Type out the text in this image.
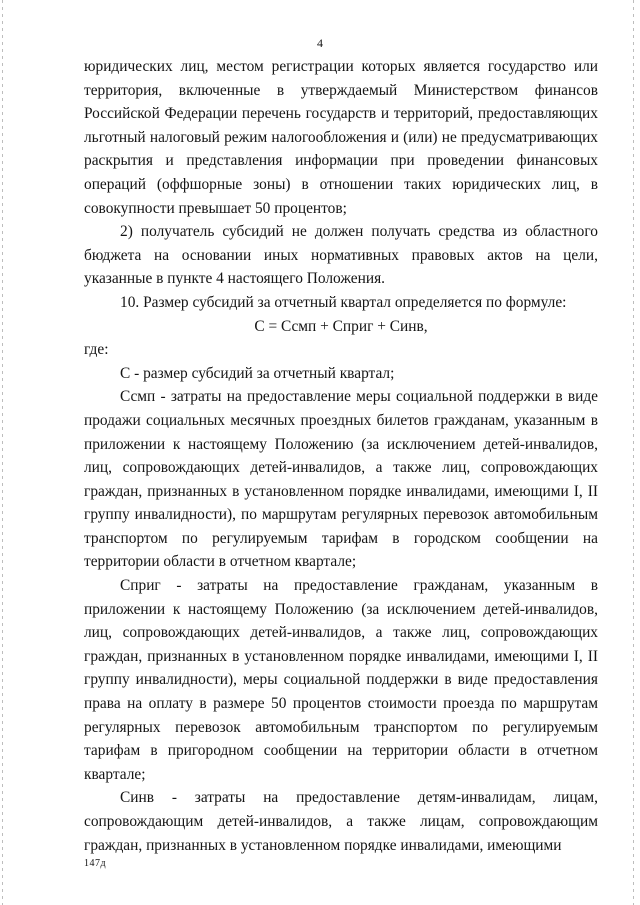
4

юридических лиц, местом регистрации которых является государство или территория, включенные в утверждаемый Министерством финансов Российской Федерации перечень государств и территорий, предоставляющих льготный налоговый режим налогообложения и (или) не предусматривающих раскрытия и представления информации при проведении финансовых операций (оффшорные зоны) в отношении таких юридических лиц, в совокупности превышает 50 процентов;

2) получатель субсидий не должен получать средства из областного бюджета на основании иных нормативных правовых актов на цели, указанные в пункте 4 настоящего Положения.

10. Размер субсидий за отчетный квартал определяется по формуле:

С = Ссмп + Сприг + Синв,

где:

С - размер субсидий за отчетный квартал;

Ссмп - затраты на предоставление меры социальной поддержки в виде продажи социальных месячных проездных билетов гражданам, указанным в приложении к настоящему Положению (за исключением детей-инвалидов, лиц, сопровождающих детей-инвалидов, а также лиц, сопровождающих граждан, признанных в установленном порядке инвалидами, имеющими I, II группу инвалидности), по маршрутам регулярных перевозок автомобильным транспортом по регулируемым тарифам в городском сообщении на территории области в отчетном квартале;

Сприг - затраты на предоставление гражданам, указанным в приложении к настоящему Положению (за исключением детей-инвалидов, лиц, сопровождающих детей-инвалидов, а также лиц, сопровождающих граждан, признанных в установленном порядке инвалидами, имеющими I, II группу инвалидности), меры социальной поддержки в виде предоставления права на оплату в размере 50 процентов стоимости проезда по маршрутам регулярных перевозок автомобильным транспортом по регулируемым тарифам в пригородном сообщении на территории области в отчетном квартале;

Синв - затраты на предоставление детям-инвалидам, лицам, сопровождающим детей-инвалидов, а также лицам, сопровождающим граждан, признанных в установленном порядке инвалидами, имеющими

147д
